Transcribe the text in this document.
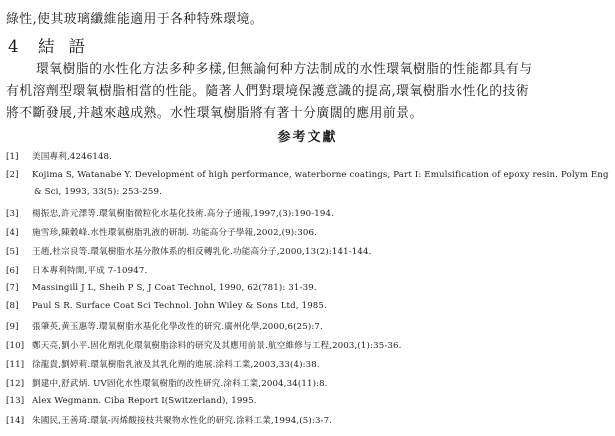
綠性,使其玻璃纖維能適用于各种特殊環境。
4 結語
環氧樹脂的水性化方法多种多樣,但無論何种方法制成的水性環氧樹脂的性能都具有与
有机溶劑型環氧樹脂相當的性能。隨著人們對環境保護意識的提高,環氧樹脂水性化的技術
將不斷發展,并越來越成熟。水性環氧樹脂將有著十分廣闊的應用前景。
参考文獻
[1] 美国專利,4246148.
[2] Kojima S, Watanabe Y. Development of high performance, waterborne coatings, Part I: Emulsification of epoxy resin. Polym Eng
& Sci, 1993, 33(5): 253-259.
[3] 楊振忠,許元澤等.環氧樹脂微粒化水基化技術.高分子通報,1997,(3):190-194.
[4] 施雪珍,陳穀峰.水性環氧樹脂乳液的研制. 功能高分子學報,2002,(9):306.
[5] 王趙,杜宗良等.環氧樹脂水基分散体系的相反轉乳化.功能高分子,2000,13(2):141-144.
[6] 日本專利特開,平成 7-10947.
[7] Massingill J L, Sheih P S, J Coat Technol, 1990, 62(781): 31-39.
[8] Paul S R. Surface Coat Sci Technol. John Wiley & Sons Ltd, 1985.
[9] 張肇英,黄玉惠等.環氧樹脂水基化化學改性的研究.廣州化學,2000,6(25):7.
[10] 鄭天亮,劉小平.固化劑乳化環氧樹脂涂料的研究及其應用前景.航空維修与工程,2003,(1):35-36.
[11] 徐龍貴,劉婷莉.環氧樹脂乳液及其乳化劑的進展.涂料工業,2003,33(4):38.
[12] 劉建中,舒武炳. UV固化水性環氧樹脂的改性研究.涂料工業,2004,34(11):8.
[13] Alex Wegmann. Ciba Report I(Switzerland), 1995.
[14] 朱國民,王善琦.環氧-丙烯酸接枝共聚物水性化的研究.涂料工業,1994,(5):3-7.
